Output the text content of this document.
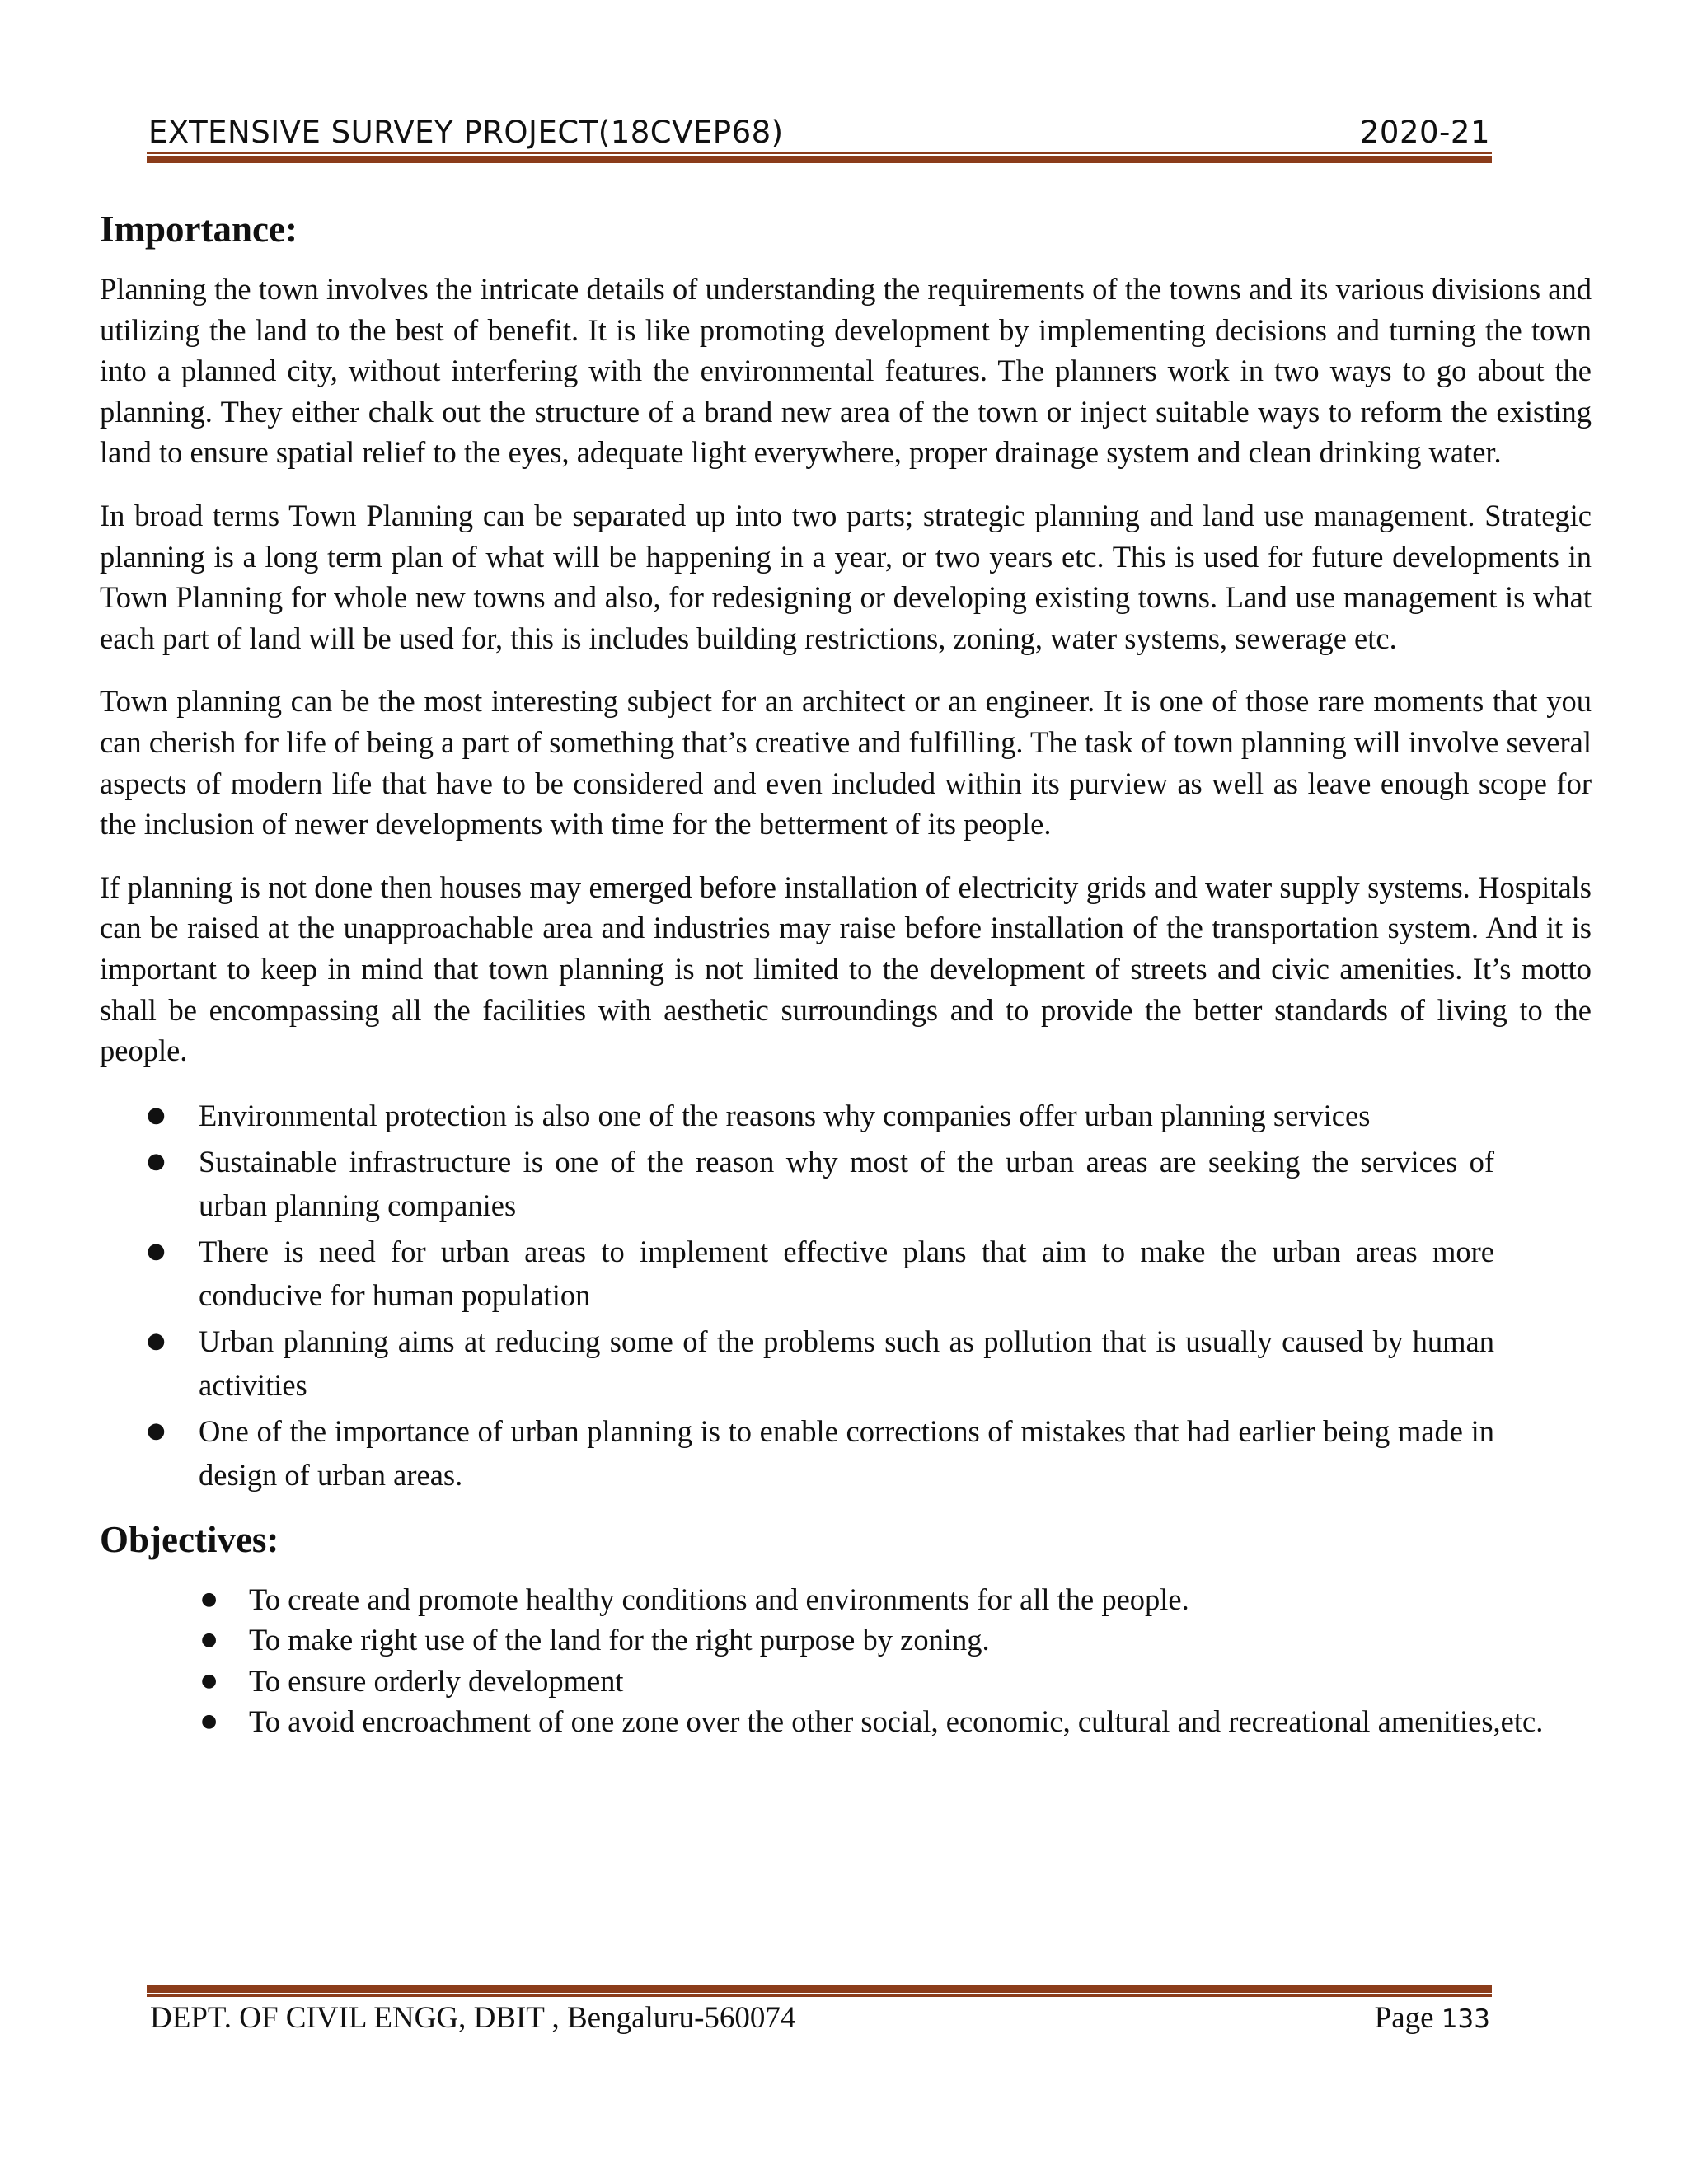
EXTENSIVE SURVEY PROJECT(18CVEP68)	2020-21
Importance:

Planning the town involves the intricate details of understanding the requirements of the towns and its various divisions and utilizing the land to the best of benefit. It is like promoting development by implementing decisions and turning the town into a planned city, without interfering with the environmental features. The planners work in two ways to go about the planning. They either chalk out the structure of a brand new area of the town or inject suitable ways to reform the existing land to ensure spatial relief to the eyes, adequate light everywhere, proper drainage system and clean drinking water.

In broad terms Town Planning can be separated up into two parts; strategic planning and land use management. Strategic planning is a long term plan of what will be happening in a year, or two years etc. This is used for future developments in Town Planning for whole new towns and also, for redesigning or developing existing towns. Land use management is what each part of land will be used for, this is includes building restrictions, zoning, water systems, sewerage etc.

Town planning can be the most interesting subject for an architect or an engineer. It is one of those rare moments that you can cherish for life of being a part of something that’s creative and fulfilling. The task of town planning will involve several aspects of modern life that have to be considered and even included within its purview as well as leave enough scope for the inclusion of newer developments with time for the betterment of its people.

If planning is not done then houses may emerged before installation of electricity grids and water supply systems. Hospitals can be raised at the unapproachable area and industries may raise before installation of the transportation system. And it is important to keep in mind that town planning is not limited to the development of streets and civic amenities. It’s motto shall be encompassing all the facilities with aesthetic surroundings and to provide the better standards of living to the people.

● Environmental protection is also one of the reasons why companies offer urban planning services
● Sustainable infrastructure is one of the reason why most of the urban areas are seeking the services of urban planning companies
● There is need for urban areas to implement effective plans that aim to make the urban areas more conducive for human population
● Urban planning aims at reducing some of the problems such as pollution that is usually caused by human activities
● One of the importance of urban planning is to enable corrections of mistakes that had earlier being made in design of urban areas.
Objectives:
● To create and promote healthy conditions and environments for all the people.
● To make right use of the land for the right purpose by zoning.
● To ensure orderly development
● To avoid encroachment of one zone over the other social, economic, cultural and recreational amenities,etc.
DEPT. OF CIVIL ENGG, DBIT , Bengaluru-560074	Page 133
